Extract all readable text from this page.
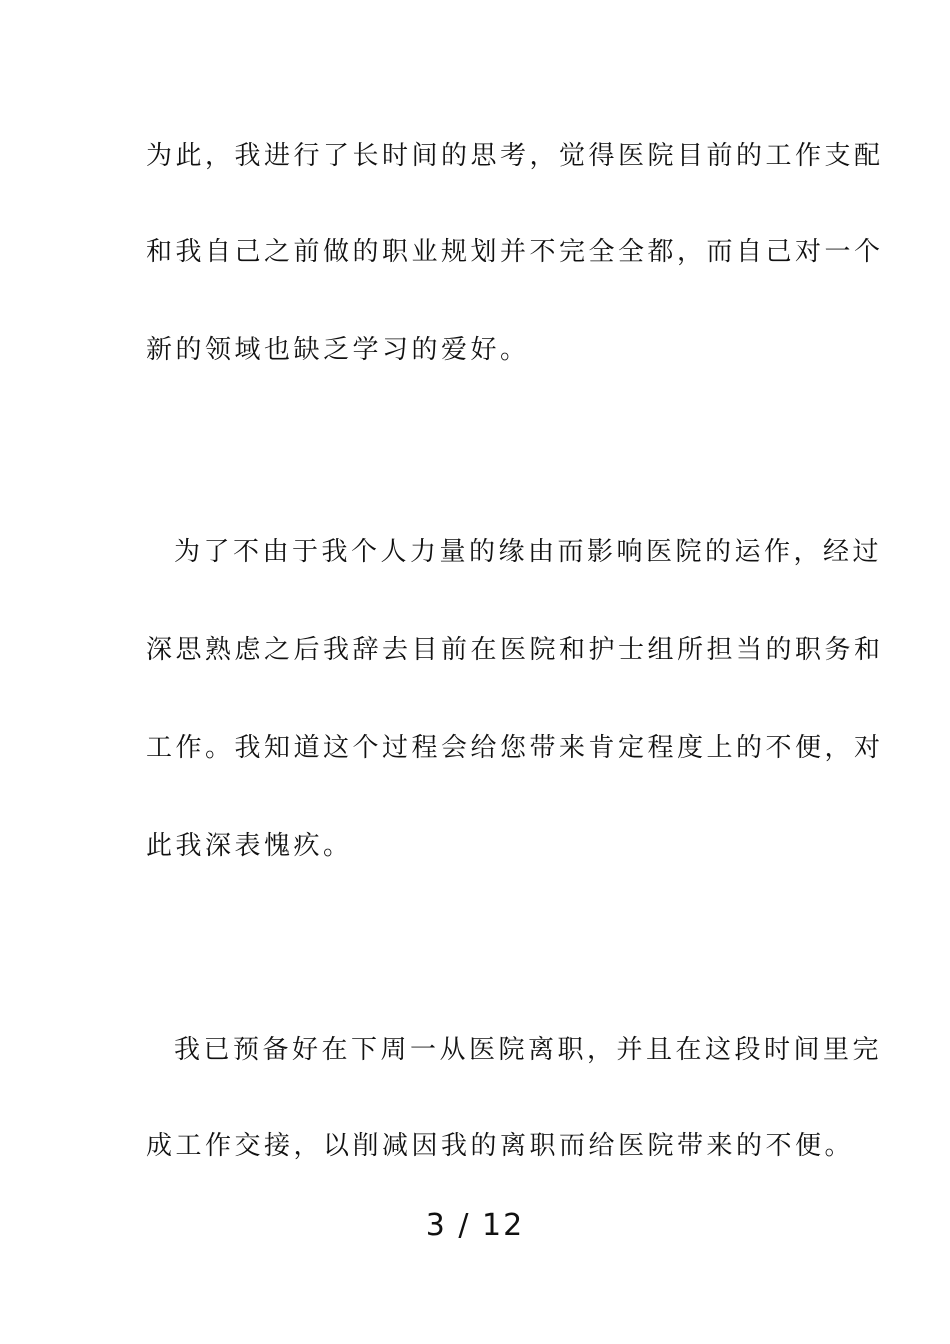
为此，我进行了长时间的思考，觉得医院目前的工作支配
和我自己之前做的职业规划并不完全全都，而自己对一个
新的领域也缺乏学习的爱好。
为了不由于我个人力量的缘由而影响医院的运作，经过
深思熟虑之后我辞去目前在医院和护士组所担当的职务和
工作。我知道这个过程会给您带来肯定程度上的不便，对
此我深表愧疚。
我已预备好在下周一从医院离职，并且在这段时间里完
成工作交接，以削减因我的离职而给医院带来的不便。
3 / 12
